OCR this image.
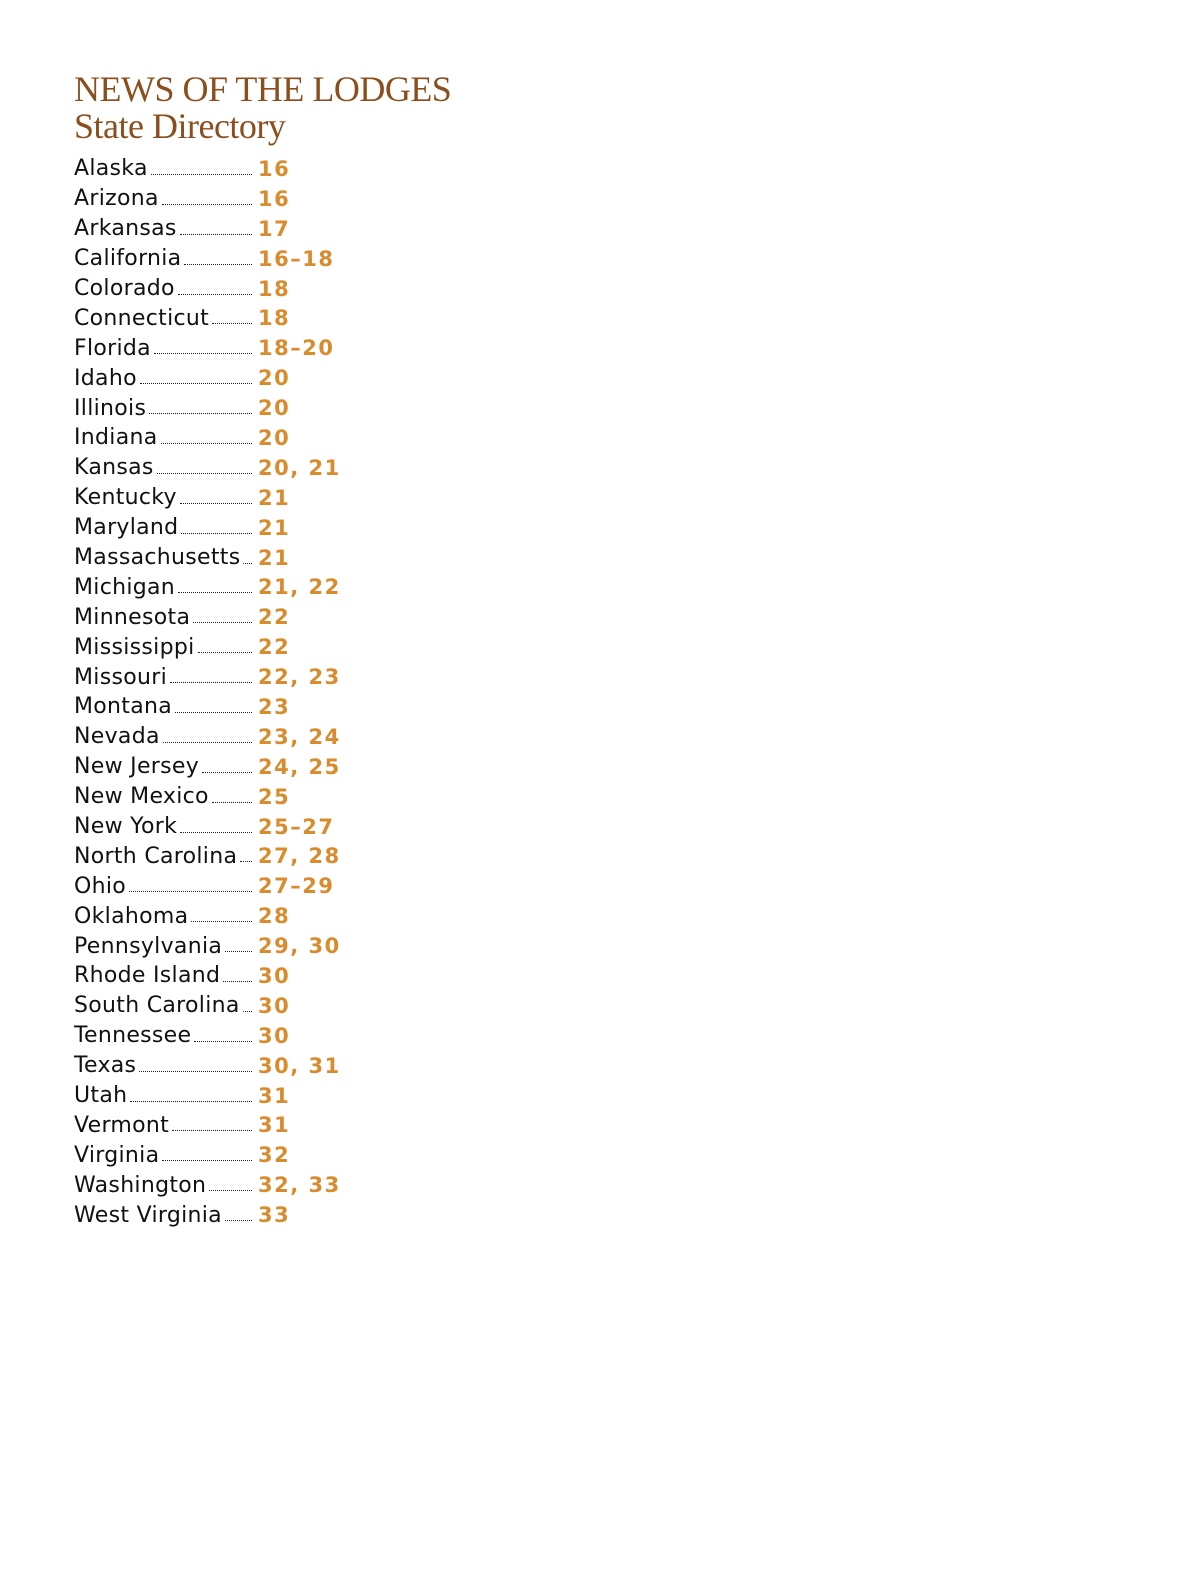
NEWS OF THE LODGES
State Directory
Alaska	16
Arizona	16
Arkansas	17
California	16–18
Colorado	18
Connecticut 18
Florida	18–20
Idaho	20
Illinois	20
Indiana	20
Kansas	20, 21
Kentucky	21
Maryland	21
Massachusetts 21
Michigan	21, 22
Minnesota	22
Mississippi	22
Missouri	22, 23
Montana	23
Nevada	23, 24
New Jersey	24, 25
New Mexico 25
New York	25–27
North Carolina 27, 28
Ohio	27–29
Oklahoma	28
Pennsylvania 29, 30
Rhode Island 30
South Carolina 30
Tennessee	30
Texas	30, 31
Utah	31
Vermont	31
Virginia	32
Washington 32, 33
West Virginia 33
